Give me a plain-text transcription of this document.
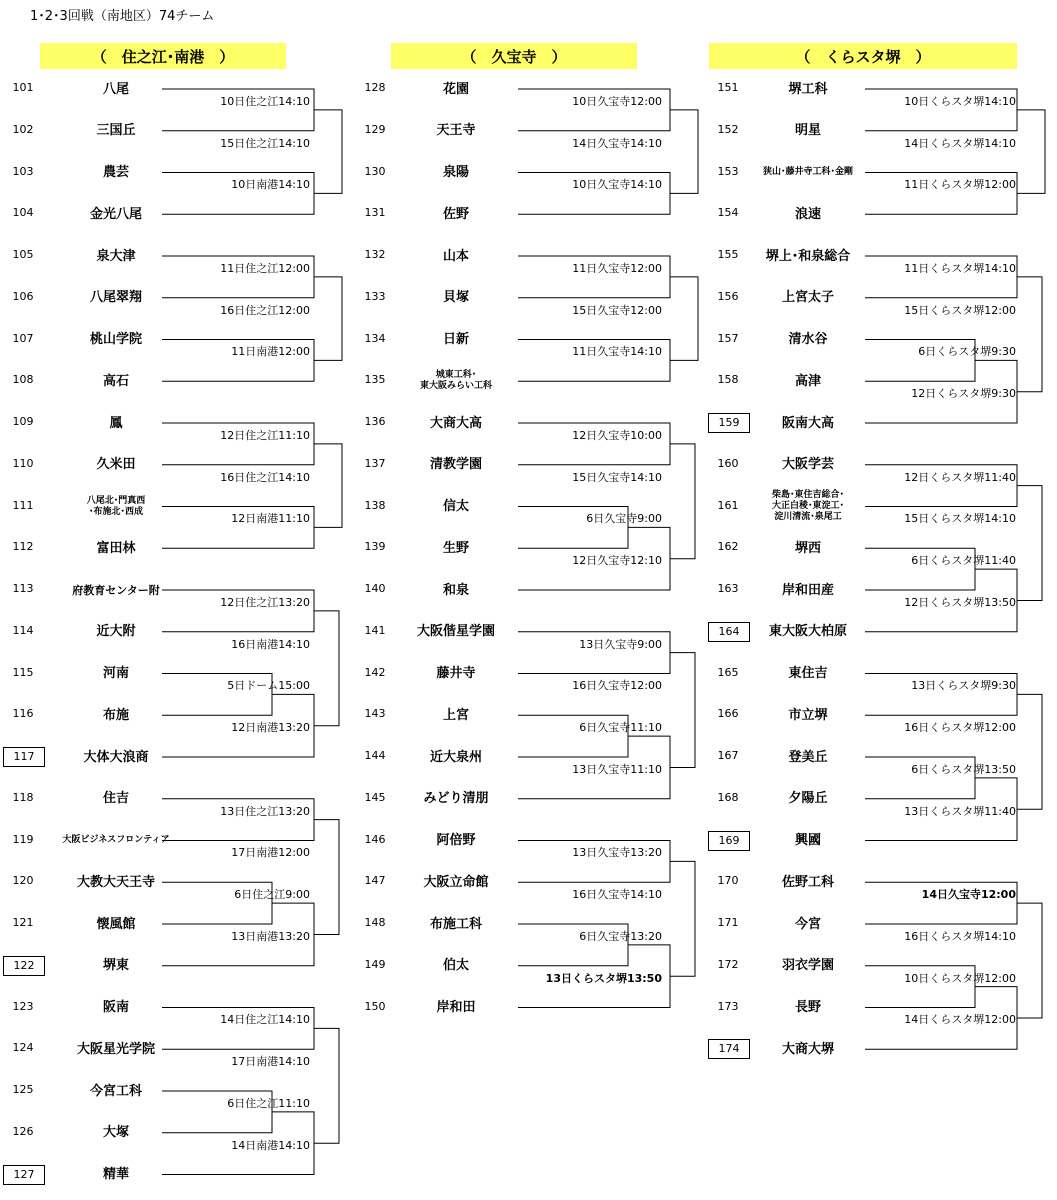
1･2･3回戦（南地区）74チーム
（　住之江･南港　）
101	八尾
102	三国丘
103	農芸
104	金光八尾
105	泉大津
106	八尾翠翔
107	桃山学院
108	高石
109	鳳
110	久米田
111	八尾北･門真西
･布施北･西成
112	富田林
113	府教育センター附
114	近大附
115	河南
116	布施
117	大体大浪商
118	住吉
119	大阪ビジネスフロンティア
120	大教大天王寺
121	懐風館
122	堺東
123	阪南
124	大阪星光学院
125	今宮工科
126	大塚
127	精華
10日住之江14:10
15日住之江14:10
10日南港14:10
11日住之江12:00
16日住之江12:00
11日南港12:00
12日住之江11:10
16日住之江14:10
12日南港11:10
12日住之江13:20
16日南港14:10
5日ドーム15:00
12日南港13:20
13日住之江13:20
17日南港12:00
6日住之江9:00
13日南港13:20
14日住之江14:10
17日南港14:10
6日住之江11:10
14日南港14:10
（　久宝寺　）
128	花園
129	天王寺
130	泉陽
131	佐野
132	山本
133	貝塚
134	日新
135	城東工科･
東大阪みらい工科
136	大商大高
137	清教学園
138	信太
139	生野
140	和泉
141	大阪偕星学園
142	藤井寺
143	上宮
144	近大泉州
145	みどり清朋
146	阿倍野
147	大阪立命館
148	布施工科
149	伯太
150	岸和田
10日久宝寺12:00
14日久宝寺14:10
10日久宝寺14:10
11日久宝寺12:00
15日久宝寺12:00
11日久宝寺14:10
12日久宝寺10:00
15日久宝寺14:10
6日久宝寺9:00
12日久宝寺12:10
13日久宝寺9:00
16日久宝寺12:00
6日久宝寺11:10
13日久宝寺11:10
13日久宝寺13:20
16日久宝寺14:10
6日久宝寺13:20
13日くらスタ堺13:50
（　くらスタ堺　）
151	堺工科
152	明星
153	狭山･藤井寺工科･金剛
154	浪速
155	堺上･和泉総合
156	上宮太子
157	清水谷
158	高津
159	阪南大高
160	大阪学芸
161
柴島･東住吉総合･
大正白稜･東淀工･
淀川清流･泉尾工
162	堺西
163	岸和田産
164	東大阪大柏原
165	東住吉
166	市立堺
167	登美丘
168	夕陽丘
169	興國
170	佐野工科
171	今宮
172	羽衣学園
173	長野
174	大商大堺
10日くらスタ堺14:10
14日くらスタ堺14:10
11日くらスタ堺12:00
11日くらスタ堺14:10
15日くらスタ堺12:00
6日くらスタ堺9:30
12日くらスタ堺9:30
12日くらスタ堺11:40
15日くらスタ堺14:10
6日くらスタ堺11:40
12日くらスタ堺13:50
13日くらスタ堺9:30
16日くらスタ堺12:00
6日くらスタ堺13:50
13日くらスタ堺11:40
14日久宝寺12:00
16日くらスタ堺14:10
10日くらスタ堺12:00
14日くらスタ堺12:00
